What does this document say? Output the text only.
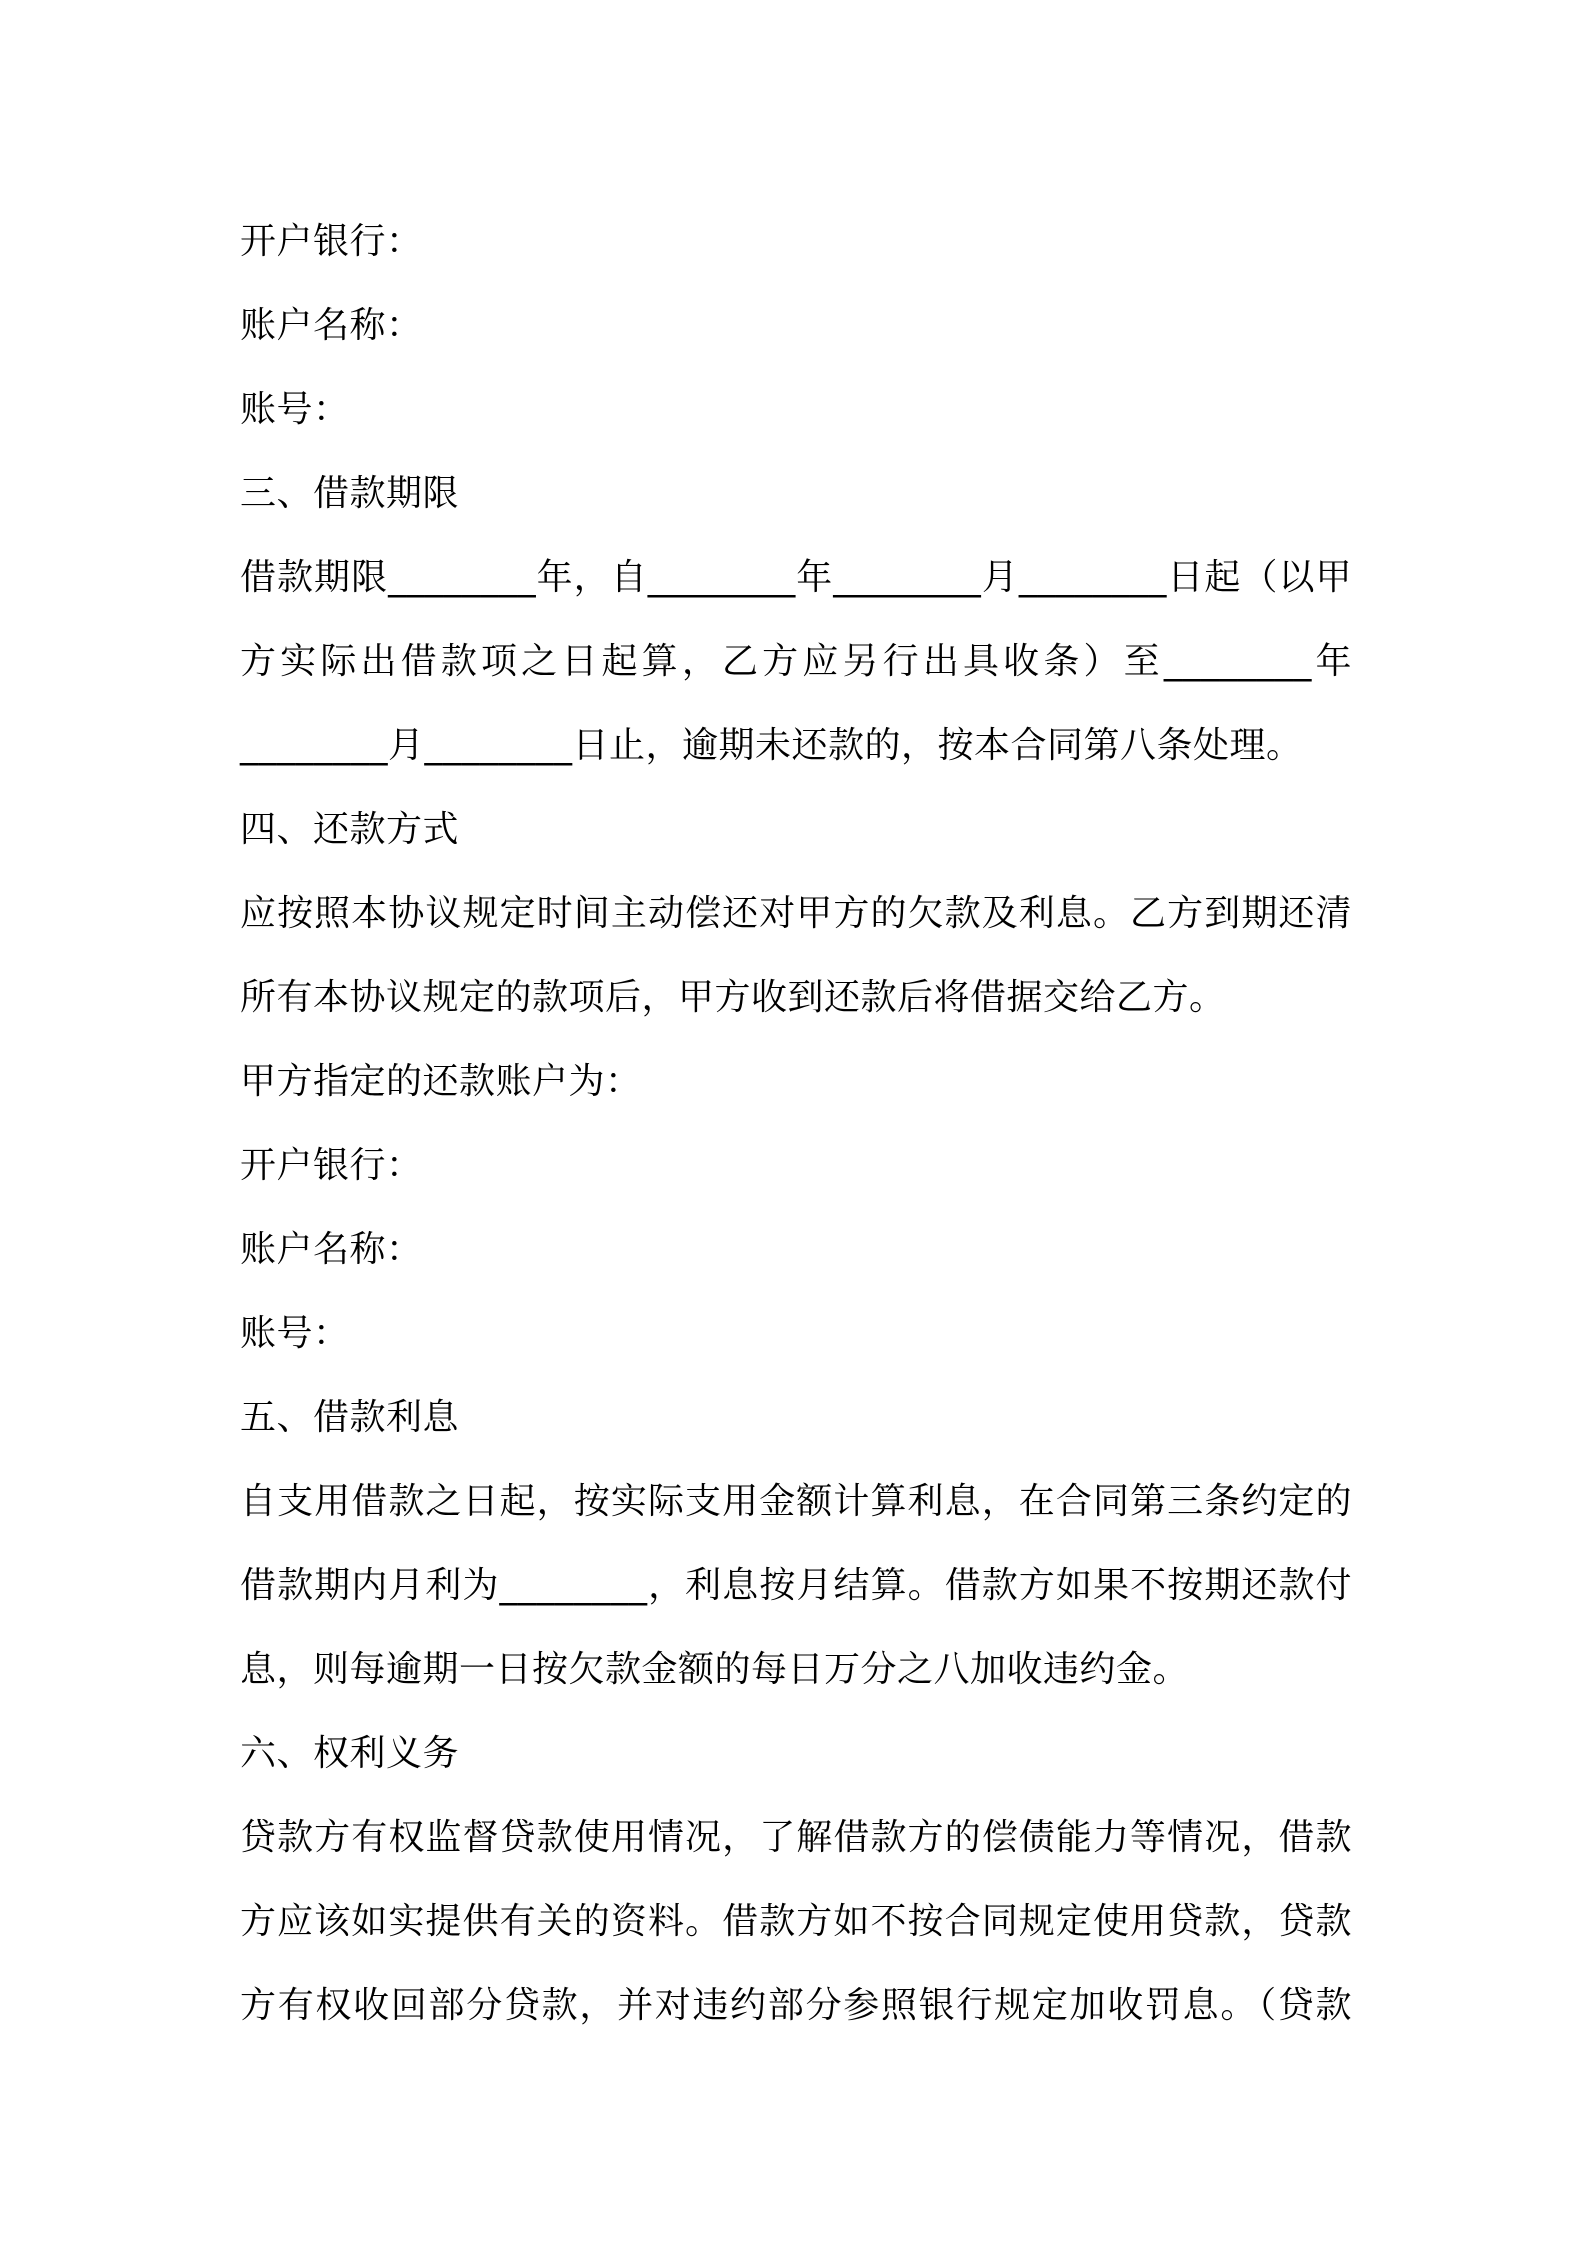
开户银行：
账户名称：
账号：
三、借款期限
借款期限________年，自________年________月________日起（以甲
方实际出借款项之日起算，乙方应另行出具收条）至________年
________月________日止，逾期未还款的，按本合同第八条处理。
四、还款方式
应按照本协议规定时间主动偿还对甲方的欠款及利息。乙方到期还清
所有本协议规定的款项后，甲方收到还款后将借据交给乙方。
甲方指定的还款账户为：
开户银行：
账户名称：
账号：
五、借款利息
自支用借款之日起，按实际支用金额计算利息，在合同第三条约定的
借款期内月利为________，利息按月结算。借款方如果不按期还款付
息，则每逾期一日按欠款金额的每日万分之八加收违约金。
六、权利义务
贷款方有权监督贷款使用情况，了解借款方的偿债能力等情况，借款
方应该如实提供有关的资料。借款方如不按合同规定使用贷款，贷款
方有权收回部分贷款，并对违约部分参照银行规定加收罚息。（贷款
